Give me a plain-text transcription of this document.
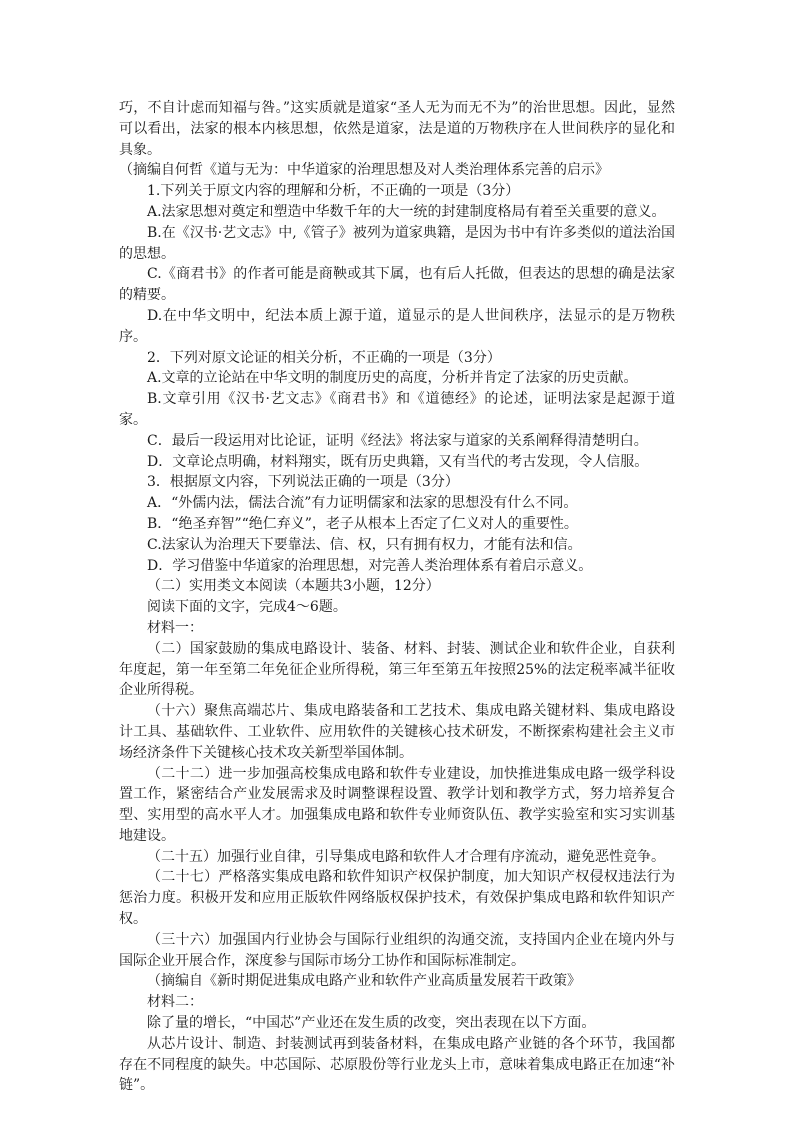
巧，不自计虑而知福与咎。”这实质就是道家“圣人无为而无不为”的治世思想。因此，显然可以看出，法家的根本内核思想，依然是道家，法是道的万物秩序在人世间秩序的显化和具象。

（摘编自何哲《道与无为：中华道家的治理思想及对人类治理体系完善的启示》

1.下列关于原文内容的理解和分析，不正确的一项是（3分）

A.法家思想对奠定和塑造中华数千年的大一统的封建制度格局有着至关重要的意义。

B.在《汉书·艺文志》中,《管子》被列为道家典籍，是因为书中有许多类似的道法治国的思想。

C.《商君书》的作者可能是商鞅或其下属，也有后人托做，但表达的思想的确是法家的精要。

D.在中华文明中，纪法本质上源于道，道显示的是人世间秩序，法显示的是万物秩序。

2．下列对原文论证的相关分析，不正确的一项是（3分）

A.文章的立论站在中华文明的制度历史的高度，分析并肯定了法家的历史贡献。

B.文章引用《汉书·艺文志》《商君书》和《道德经》的论述，证明法家是起源于道家。

C．最后一段运用对比论证，证明《经法》将法家与道家的关系阐释得清楚明白。

D．文章论点明确，材料翔实，既有历史典籍，又有当代的考古发现，令人信服。

3．根据原文内容，下列说法正确的一项是（3分）

A．“外儒内法，儒法合流”有力证明儒家和法家的思想没有什么不同。

B．“绝圣弃智”“绝仁弃义”，老子从根本上否定了仁义对人的重要性。

C.法家认为治理天下要靠法、信、权，只有拥有权力，才能有法和信。

D．学习借鉴中华道家的治理思想，对完善人类治理体系有着启示意义。

（二）实用类文本阅读（本题共3小题，12分）

阅读下面的文字，完成4～6题。

材料一：

（二）国家鼓励的集成电路设计、装备、材料、封装、测试企业和软件企业，自获利年度起，第一年至第二年免征企业所得税，第三年至第五年按照25%的法定税率减半征收企业所得税。

（十六）聚焦高端芯片、集成电路装备和工艺技术、集成电路关键材料、集成电路设计工具、基础软件、工业软件、应用软件的关键核心技术研发，不断探索构建社会主义市场经济条件下关键核心技术攻关新型举国体制。

（二十二）进一步加强高校集成电路和软件专业建设，加快推进集成电路一级学科设置工作，紧密结合产业发展需求及时调整课程设置、教学计划和教学方式，努力培养复合型、实用型的高水平人才。加强集成电路和软件专业师资队伍、教学实验室和实习实训基地建设。

（二十五）加强行业自律，引导集成电路和软件人才合理有序流动，避免恶性竞争。

（二十七）严格落实集成电路和软件知识产权保护制度，加大知识产权侵权违法行为惩治力度。积极开发和应用正版软件网络版权保护技术，有效保护集成电路和软件知识产权。

（三十六）加强国内行业协会与国际行业组织的沟通交流，支持国内企业在境内外与国际企业开展合作，深度参与国际市场分工协作和国际标准制定。

（摘编自《新时期促进集成电路产业和软件产业高质量发展若干政策》

材料二：

除了量的增长，“中国芯”产业还在发生质的改变，突出表现在以下方面。

从芯片设计、制造、封装测试再到装备材料，在集成电路产业链的各个环节，我国都存在不同程度的缺失。中芯国际、芯原股份等行业龙头上市，意味着集成电路正在加速“补链”。
